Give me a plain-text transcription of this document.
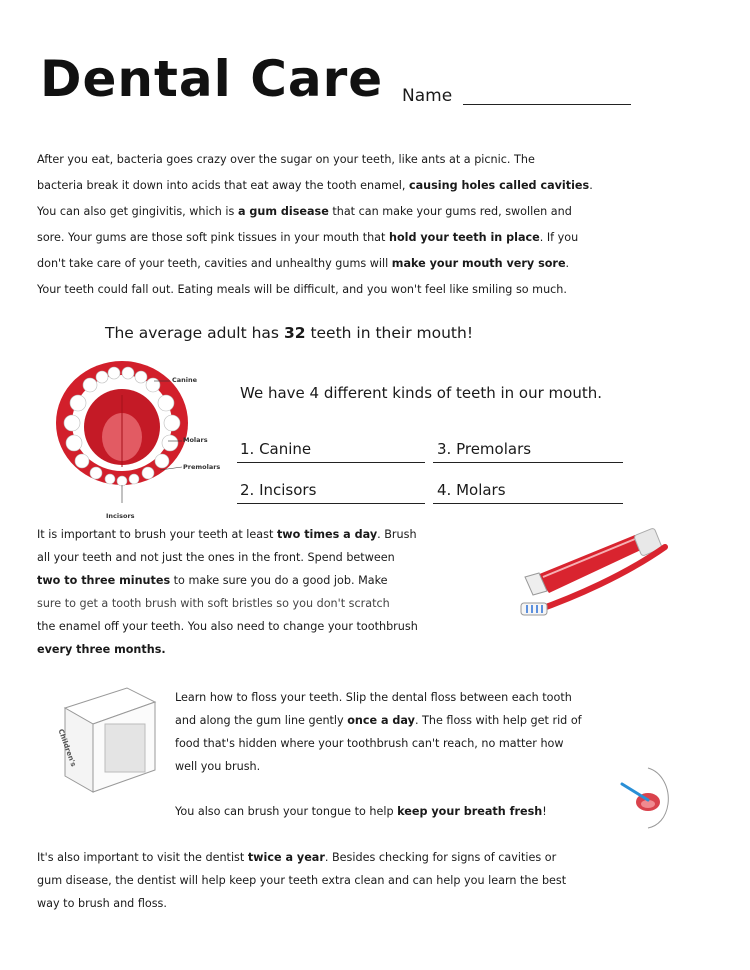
Dental Care Name
After you eat, bacteria goes crazy over the sugar on your teeth, like ants at a picnic. The
bacteria break it down into acids that eat away the tooth enamel, causing holes called cavities.
You can also get gingivitis, which is a gum disease that can make your gums red, swollen and
sore. Your gums are those soft pink tissues in your mouth that hold your teeth in place. If you
don't take care of your teeth, cavities and unhealthy gums will make your mouth very sore.
Your teeth could fall out. Eating meals will be difficult, and you won't feel like smiling so much.
The average adult has 32 teeth in their mouth!
Canine
Molars
Premolars
Incisors
We have 4 different kinds of teeth in our mouth.
1. Canine	3. Premolars
2. Incisors	4. Molars
It is important to brush your teeth at least two times a day. Brush
all your teeth and not just the ones in the front. Spend between
two to three minutes to make sure you do a good job. Make
sure to get a tooth brush with soft bristles so you don't scratch
the enamel off your teeth. You also need to change your toothbrush
every three months.
Children's
Learn how to floss your teeth. Slip the dental floss between each tooth
and along the gum line gently once a day. The floss with help get rid of
food that's hidden where your toothbrush can't reach, no matter how
well you brush.
You also can brush your tongue to help keep your breath fresh!
It's also important to visit the dentist twice a year. Besides checking for signs of cavities or
gum disease, the dentist will help keep your teeth extra clean and can help you learn the best
way to brush and floss.
